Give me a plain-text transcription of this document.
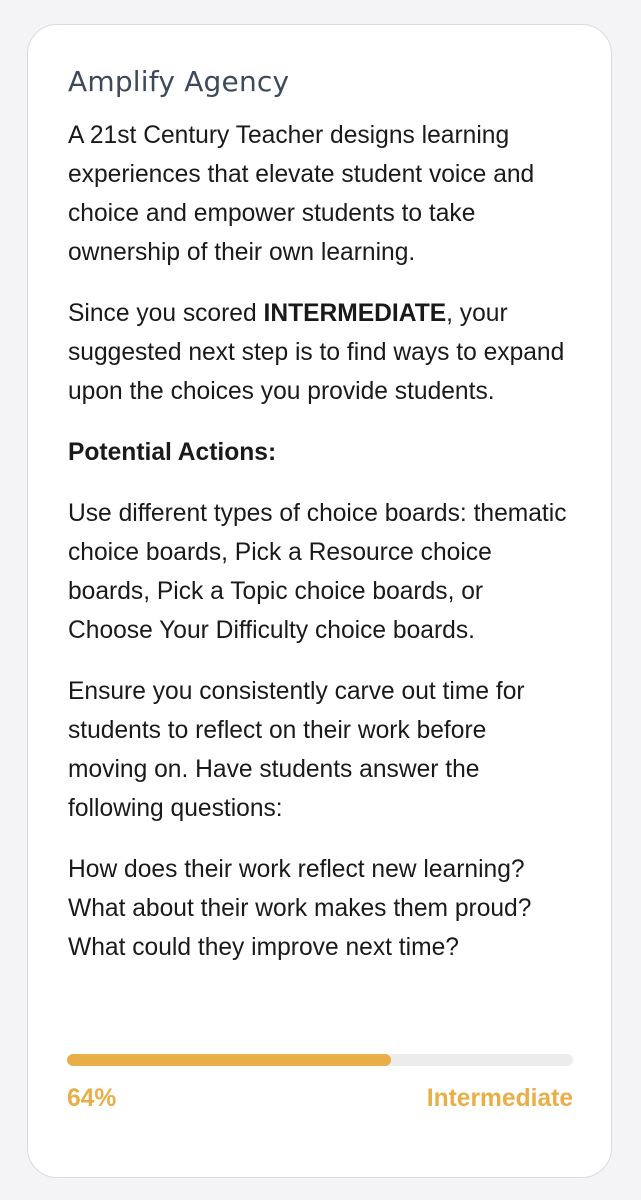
Amplify Agency

A 21st Century Teacher designs learning experiences that elevate student voice and choice and empower students to take ownership of their own learning.

Since you scored INTERMEDIATE, your suggested next step is to find ways to expand upon the choices you provide students.

Potential Actions:

Use different types of choice boards: thematic choice boards, Pick a Resource choice boards, Pick a Topic choice boards, or Choose Your Difficulty choice boards.

Ensure you consistently carve out time for students to reflect on their work before moving on. Have students answer the following questions:

How does their work reflect new learning? What about their work makes them proud? What could they improve next time?

64%	Intermediate
